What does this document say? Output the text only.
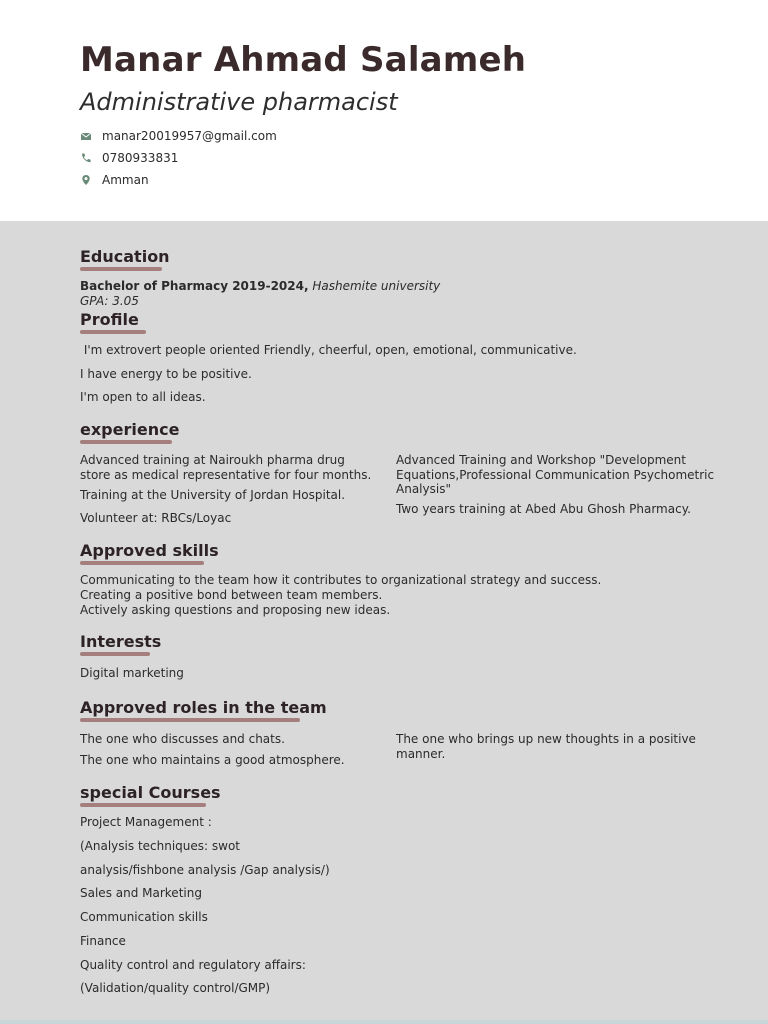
Manar Ahmad Salameh
Administrative pharmacist
manar20019957@gmail.com
0780933831
Amman
Education
Bachelor of Pharmacy 2019-2024, Hashemite university
GPA: 3.05
Profile
I'm extrovert people oriented Friendly, cheerful, open, emotional, communicative.
I have energy to be positive.
I'm open to all ideas.
experience
Advanced training at Nairoukh pharma drug store as medical representative for four months.
Training at the University of Jordan Hospital.
Volunteer at: RBCs/Loyac
Advanced Training and Workshop "Development Equations,Professional Communication Psychometric Analysis"
Two years training at Abed Abu Ghosh Pharmacy.
Approved skills
Communicating to the team how it contributes to organizational strategy and success.
Creating a positive bond between team members.
Actively asking questions and proposing new ideas.
Interests
Digital marketing
Approved roles in the team
The one who discusses and chats.
The one who maintains a good atmosphere.
The one who brings up new thoughts in a positive manner.
special Courses
Project Management :
(Analysis techniques: swot
analysis/fishbone analysis /Gap analysis/)
Sales and Marketing
Communication skills
Finance
Quality control and regulatory affairs:
(Validation/quality control/GMP)
